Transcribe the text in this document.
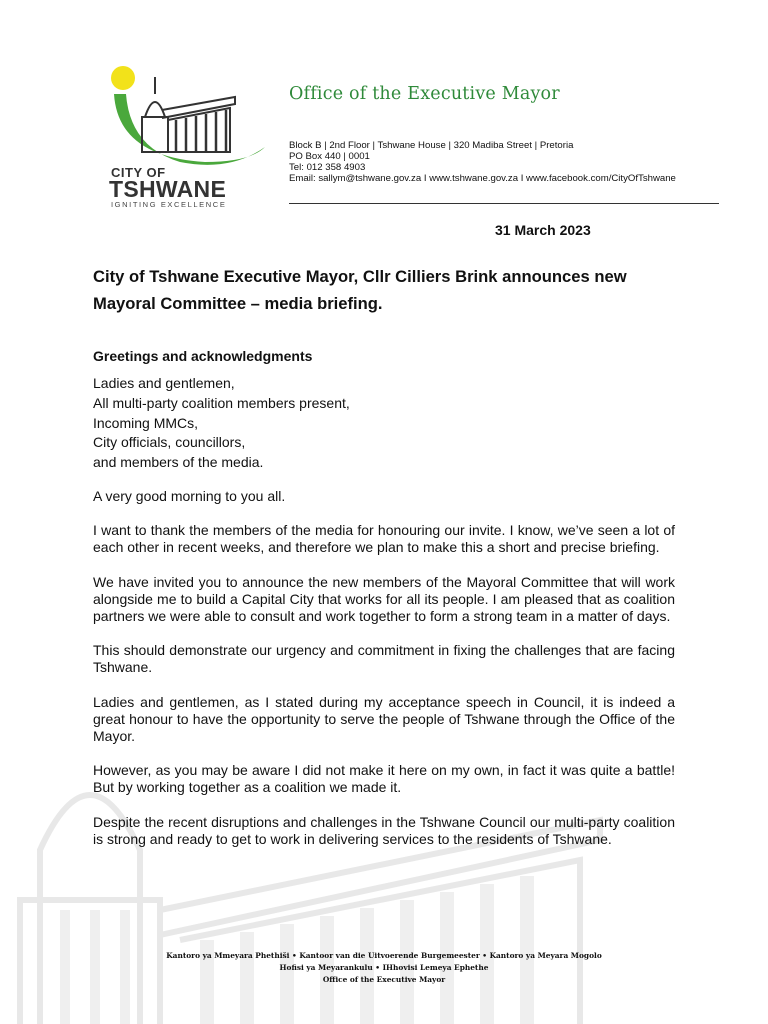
CITY OF
TSHWANE
IGNITING EXCELLENCE
Office of the Executive Mayor
Block B | 2nd Floor | Tshwane House | 320 Madiba Street | Pretoria
PO Box 440 | 0001
Tel: 012 358 4903
Email: sallym@tshwane.gov.za I www.tshwane.gov.za I www.facebook.com/CityOfTshwane
31 March 2023
City of Tshwane Executive Mayor, Cllr Cilliers Brink announces new Mayoral Committee – media briefing.
Greetings and acknowledgments
Ladies and gentlemen,
All multi-party coalition members present,
Incoming MMCs,
City officials, councillors,
and members of the media.

A very good morning to you all.

I want to thank the members of the media for honouring our invite. I know, we’ve seen a lot of each other in recent weeks, and therefore we plan to make this a short and precise briefing.

We have invited you to announce the new members of the Mayoral Committee that will work alongside me to build a Capital City that works for all its people. I am pleased that as coalition partners we were able to consult and work together to form a strong team in a matter of days.

This should demonstrate our urgency and commitment in fixing the challenges that are facing Tshwane.

Ladies and gentlemen, as I stated during my acceptance speech in Council, it is indeed a great honour to have the opportunity to serve the people of Tshwane through the Office of the Mayor.

However, as you may be aware I did not make it here on my own, in fact it was quite a battle! But by working together as a coalition we made it.

Despite the recent disruptions and challenges in the Tshwane Council our multi-party coalition is strong and ready to get to work in delivering services to the residents of Tshwane.

Kantoro ya Mmeyara Phethiši • Kantoor van die Uitvoerende Burgemeester • Kantoro ya Meyara Mogolo
Hofisi ya Meyarankulu • IHhovisi Lemeya Ephethe
Office of the Executive Mayor
